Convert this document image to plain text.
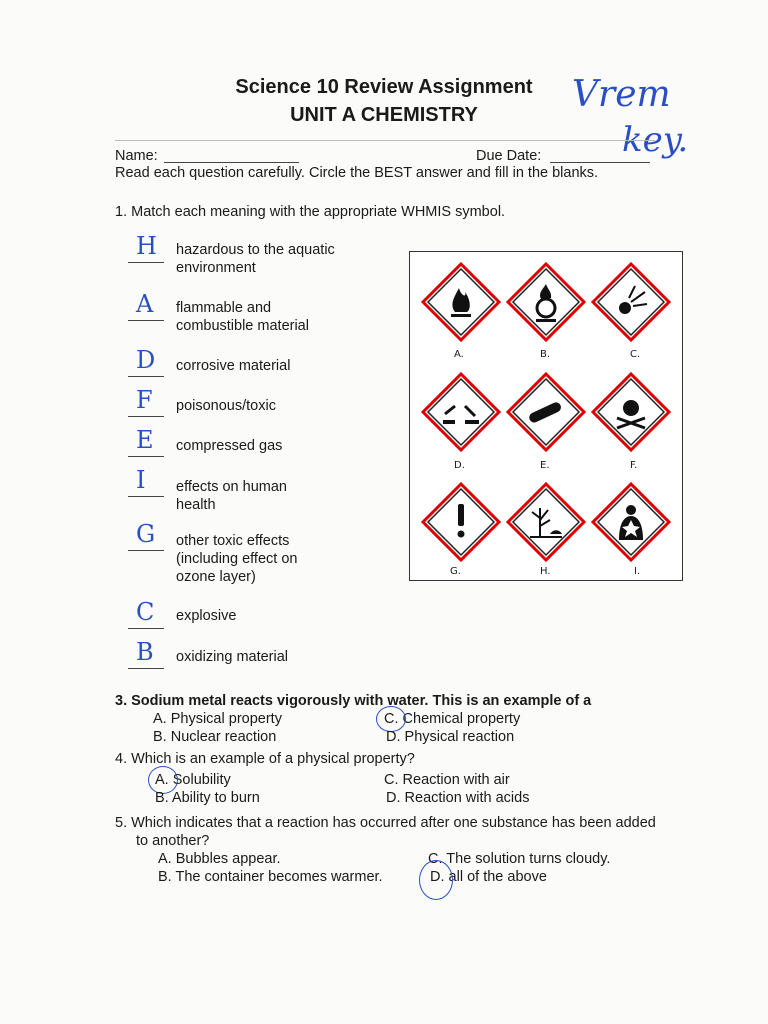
Science 10 Review Assignment
UNIT A CHEMISTRY	Vrem
key.
Name:	Due Date:
Read each question carefully. Circle the BEST answer and fill in the blanks.
1. Match each meaning with the appropriate WHMIS symbol.
H hazardous to the aquatic environment
A flammable and combustible material
D corrosive material
F poisonous/toxic
E compressed gas
I effects on human health
G other toxic effects (including effect on ozone layer)
C explosive
B oxidizing material
A.	B.	C.
D.	E.	F.
G.	H.	I.
3. Sodium metal reacts vigorously with water. This is an example of a
A. Physical property
B. Nuclear reaction
C. Chemical property
D. Physical reaction
4. Which is an example of a physical property?
A. Solubility
B. Ability to burn
C. Reaction with air
D. Reaction with acids
5. Which indicates that a reaction has occurred after one substance has been added
to another?
A. Bubbles appear.
B. The container becomes warmer.
C. The solution turns cloudy.
D. all of the above
